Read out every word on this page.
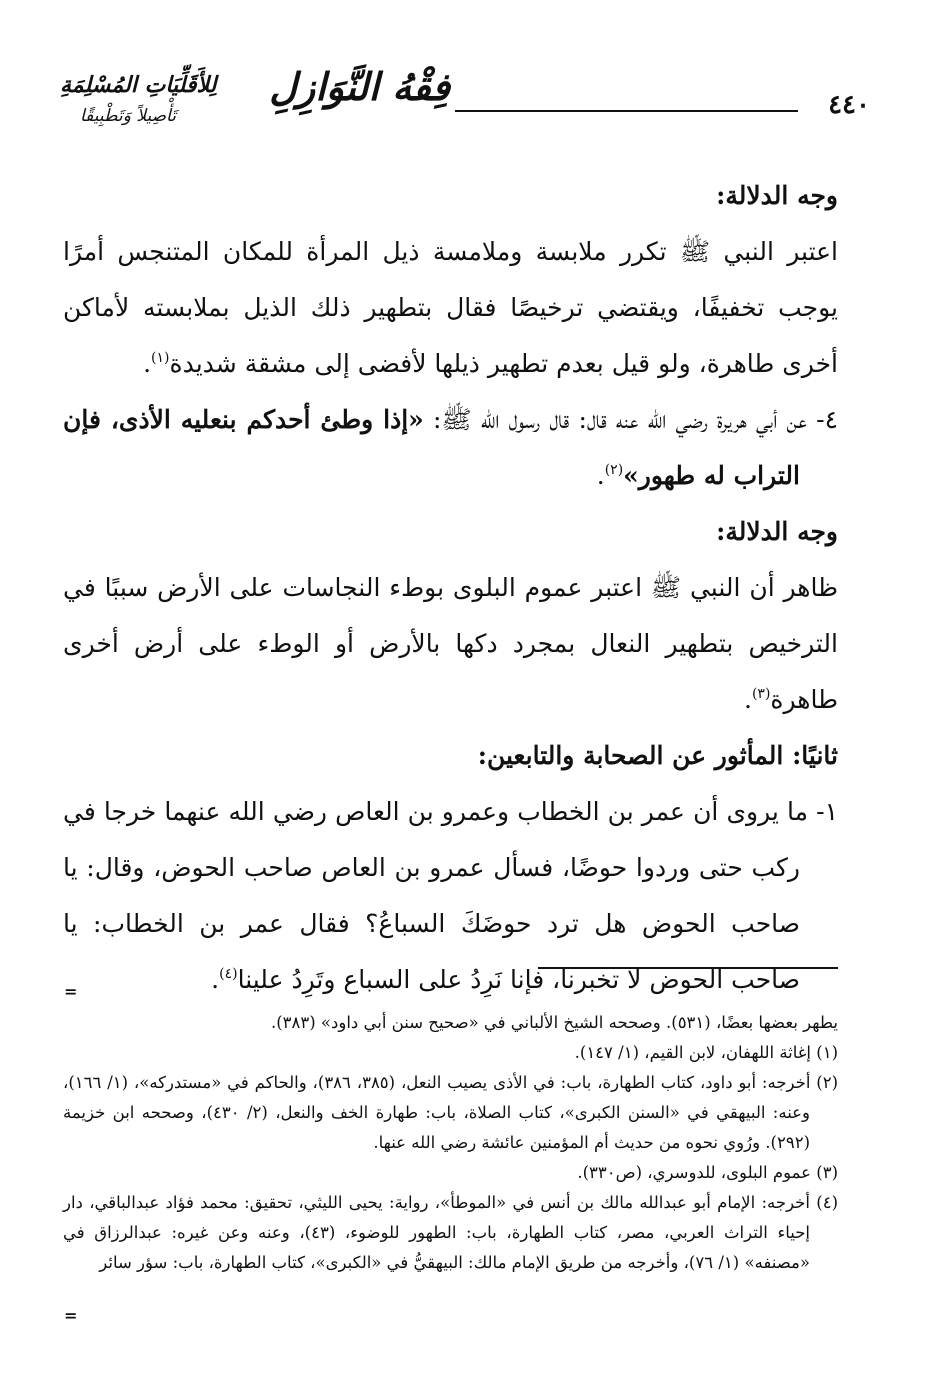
٤٤٠
فِقْهُ النَّوَازِلِ
لِلأَقَلِّيَاتِ المُسْلِمَةِ
تَأْصِيلاً وَتَطْبِيقًا

وجه الدلالة:

اعتبر النبي ﷺ تكرر ملابسة وملامسة ذيل المرأة للمكان المتنجس أمرًا يوجب تخفيفًا، ويقتضي ترخيصًا فقال بتطهير ذلك الذيل بملابسته لأماكن أخرى طاهرة، ولو قيل بعدم تطهير ذيلها لأفضى إلى مشقة شديدة$^{(١)}$.

٤- عن أبي هريرة رضي الله عنه قال: قال رسول الله ﷺ: «إذا وطئ أحدكم بنعليه الأذى، فإن التراب له طهور»$^{(٢)}$.

وجه الدلالة:

ظاهر أن النبي ﷺ اعتبر عموم البلوى بوطء النجاسات على الأرض سببًا في الترخيص بتطهير النعال بمجرد دكها بالأرض أو الوطء على أرض أخرى طاهرة$^{(٣)}$.

ثانيًا: المأثور عن الصحابة والتابعين:

١- ما يروى أن عمر بن الخطاب وعمرو بن العاص رضي الله عنهما خرجا في ركب حتى وردوا حوضًا، فسأل عمرو بن العاص صاحب الحوض، وقال: يا صاحب الحوض هل ترد حوضَكَ السباعُ؟ فقال عمر بن الخطاب: يا صاحب الحوض لا تخبرنا، فإنا نَرِدُ على السباع وتَرِدُ علينا$^{(٤)}$.

=

يطهر بعضها بعضًا، (٥٣١). وصححه الشيخ الألباني في «صحيح سنن أبي داود» (٣٨٣).

(١) إغاثة اللهفان، لابن القيم، (١/ ١٤٧).

(٢) أخرجه: أبو داود، كتاب الطهارة، باب: في الأذى يصيب النعل، (٣٨٥، ٣٨٦)، والحاكم في «مستدركه»، (١/ ١٦٦)، وعنه: البيهقي في «السنن الكبرى»، كتاب الصلاة، باب: طهارة الخف والنعل، (٢/ ٤٣٠)، وصححه ابن خزيمة (٢٩٢). ورُوي نحوه من حديث أم المؤمنين عائشة رضي الله عنها.

(٣) عموم البلوى، للدوسري، (ص٣٣٠).

(٤) أخرجه: الإمام أبو عبدالله مالك بن أنس في «الموطأ»، رواية: يحيى الليثي، تحقيق: محمد فؤاد عبدالباقي، دار إحياء التراث العربي، مصر، كتاب الطهارة، باب: الطهور للوضوء، (٤٣)، وعنه وعن غيره: عبدالرزاق في «مصنفه» (١/ ٧٦)، وأخرجه من طريق الإمام مالك: البيهقيُّ في «الكبرى»، كتاب الطهارة، باب: سؤر سائر

=
